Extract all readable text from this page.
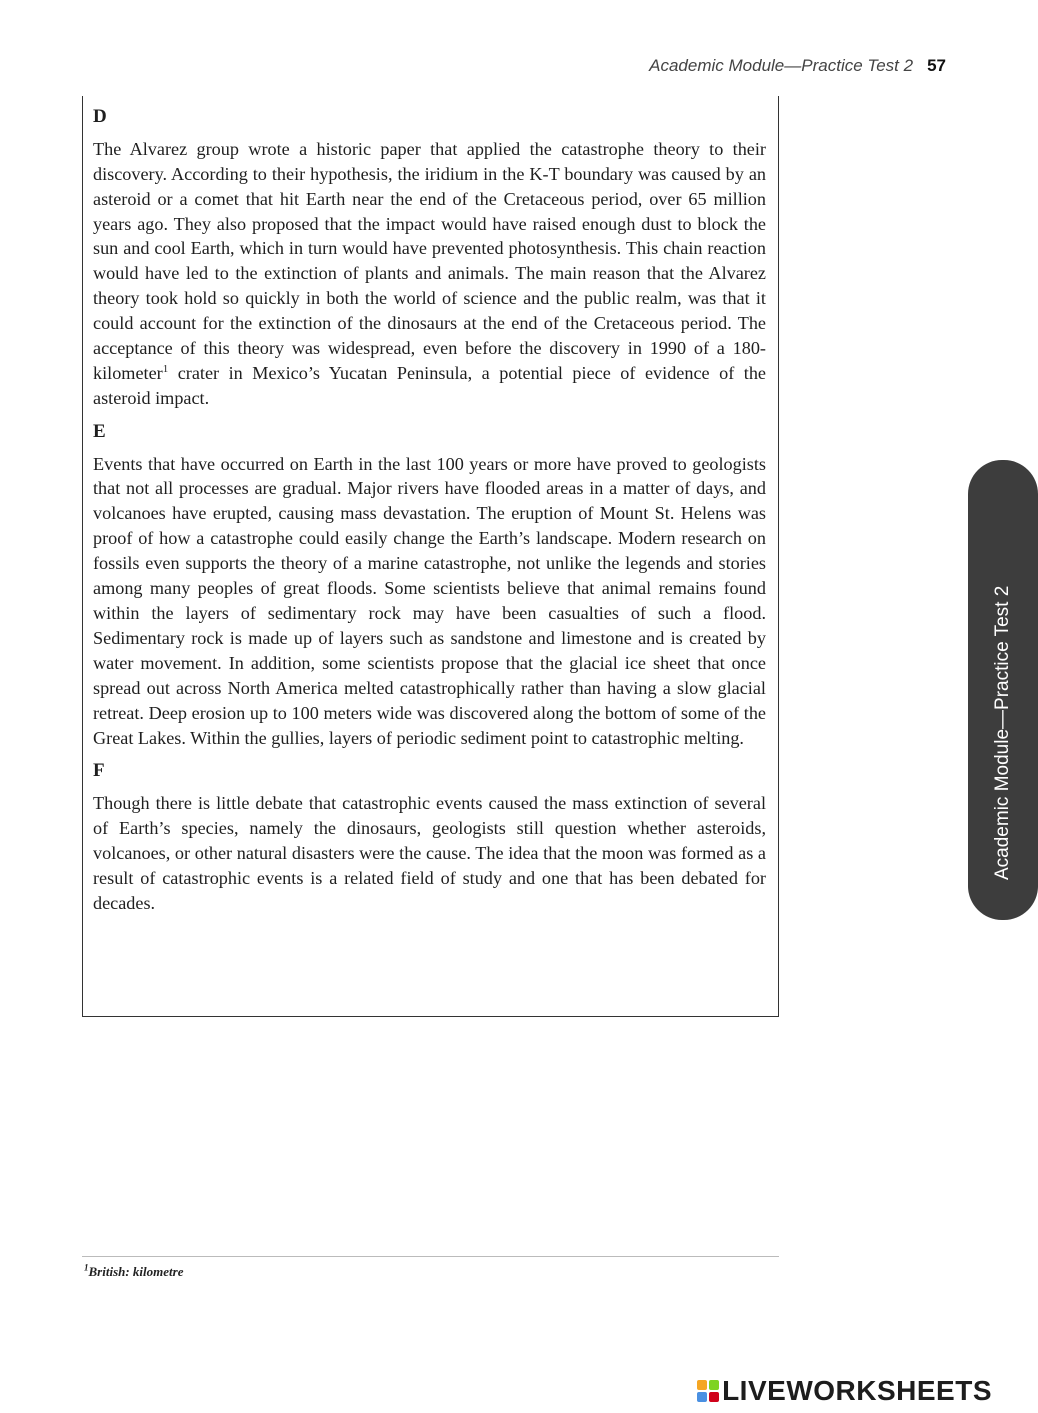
Academic Module—Practice Test 2 57

D

The Alvarez group wrote a historic paper that applied the catastrophe theory to their discovery. According to their hypothesis, the iridium in the K-T boundary was caused by an asteroid or a comet that hit Earth near the end of the Cretaceous period, over 65 million years ago. They also proposed that the impact would have raised enough dust to block the sun and cool Earth, which in turn would have prevented photosynthesis. This chain reaction would have led to the extinction of plants and animals. The main reason that the Alvarez theory took hold so quickly in both the world of science and the public realm, was that it could account for the extinction of the dinosaurs at the end of the Cretaceous period. The acceptance of this theory was widespread, even before the discovery in 1990 of a 180-kilometer$^1$ crater in Mexico’s Yucatan Peninsula, a potential piece of evidence of the asteroid impact.

E

Events that have occurred on Earth in the last 100 years or more have proved to geologists that not all processes are gradual. Major rivers have flooded areas in a matter of days, and volcanoes have erupted, causing mass devastation. The eruption of Mount St. Helens was proof of how a catastrophe could easily change the Earth’s landscape. Modern research on fossils even supports the theory of a marine catastrophe, not unlike the legends and stories among many peoples of great floods. Some scientists believe that animal remains found within the layers of sedimentary rock may have been casualties of such a flood. Sedimentary rock is made up of layers such as sandstone and limestone and is created by water movement. In addition, some scientists propose that the glacial ice sheet that once spread out across North America melted catastrophically rather than having a slow glacial retreat. Deep erosion up to 100 meters wide was discovered along the bottom of some of the Great Lakes. Within the gullies, layers of periodic sediment point to catastrophic melting.

F

Though there is little debate that catastrophic events caused the mass extinction of several of Earth’s species, namely the dinosaurs, geologists still question whether asteroids, volcanoes, or other natural disasters were the cause. The idea that the moon was formed as a result of catastrophic events is a related field of study and one that has been debated for decades.

Academic Module—Practice Test 2
$^1$British: kilometre
LIVEWORKSHEETS
